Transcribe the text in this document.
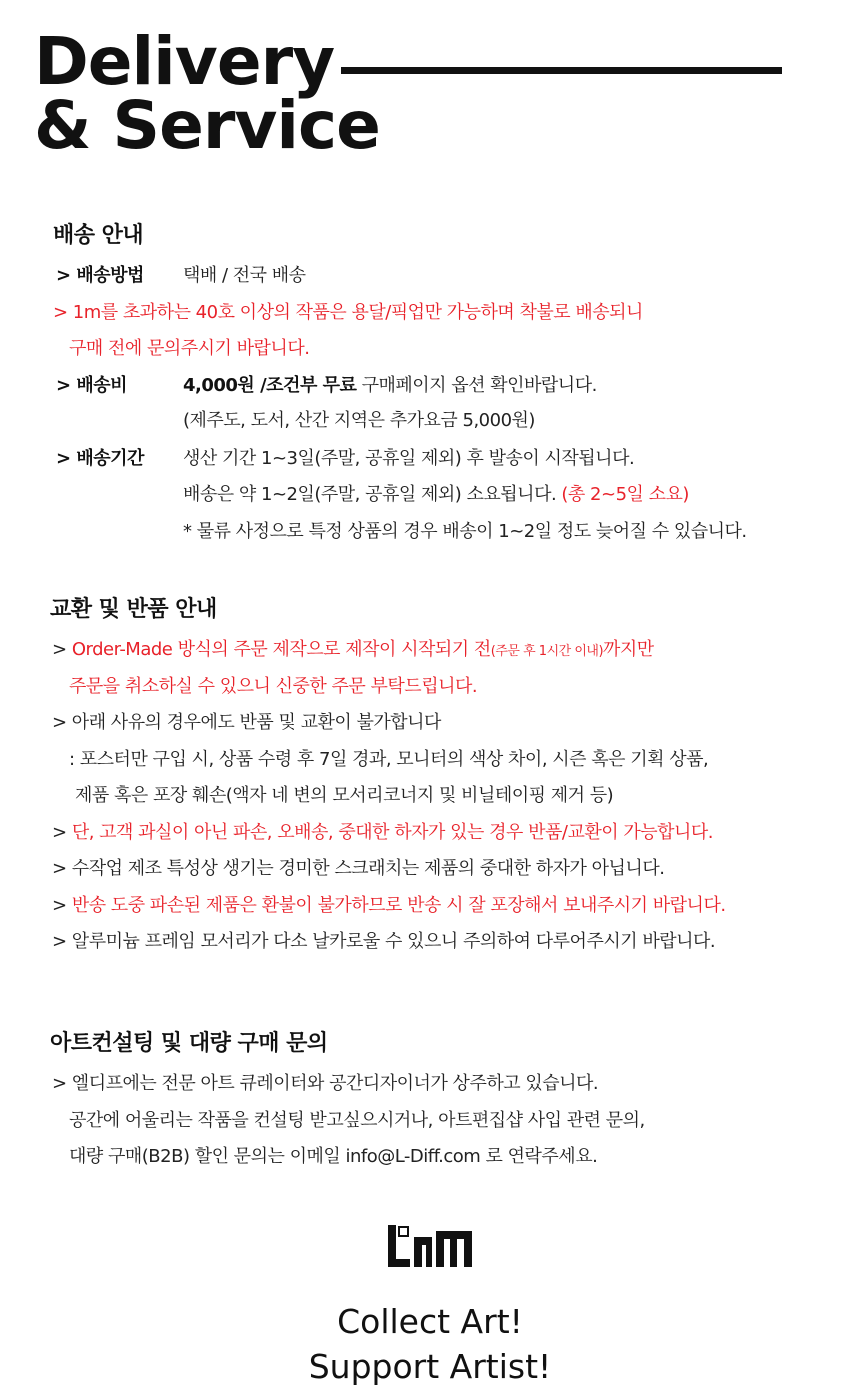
Delivery
& Service
배송 안내
> 배송방법 택배 / 전국 배송
> 1m를 초과하는 40호 이상의 작품은 용달/픽업만 가능하며 착불로 배송되니
구매 전에 문의주시기 바랍니다.
> 배송비	4,000원 /조건부 무료 구매페이지 옵션 확인바랍니다.
(제주도, 도서, 산간 지역은 추가요금 5,000원)
> 배송기간 생산 기간 1~3일(주말, 공휴일 제외) 후 발송이 시작됩니다.
배송은 약 1~2일(주말, 공휴일 제외) 소요됩니다. (총 2~5일 소요)
* 물류 사정으로 특정 상품의 경우 배송이 1~2일 정도 늦어질 수 있습니다.
교환 및 반품 안내
> Order-Made 방식의 주문 제작으로 제작이 시작되기 전(주문 후 1시간 이내)까지만
주문을 취소하실 수 있으니 신중한 주문 부탁드립니다.
> 아래 사유의 경우에도 반품 및 교환이 불가합니다
: 포스터만 구입 시, 상품 수령 후 7일 경과, 모니터의 색상 차이, 시즌 혹은 기획 상품,
제품 혹은 포장 훼손(액자 네 변의 모서리코너지 및 비닐테이핑 제거 등)
> 단, 고객 과실이 아닌 파손, 오배송, 중대한 하자가 있는 경우 반품/교환이 가능합니다.
> 수작업 제조 특성상 생기는 경미한 스크래치는 제품의 중대한 하자가 아닙니다.
> 반송 도중 파손된 제품은 환불이 불가하므로 반송 시 잘 포장해서 보내주시기 바랍니다.
> 알루미늄 프레임 모서리가 다소 날카로울 수 있으니 주의하여 다루어주시기 바랍니다.
아트컨설팅 및 대량 구매 문의
> 엘디프에는 전문 아트 큐레이터와 공간디자이너가 상주하고 있습니다.
공간에 어울리는 작품을 컨설팅 받고싶으시거나, 아트편집샵 사입 관련 문의,
대량 구매(B2B) 할인 문의는 이메일 info@L-Diff.com 로 연락주세요.
Collect Art!
Support Artist!
